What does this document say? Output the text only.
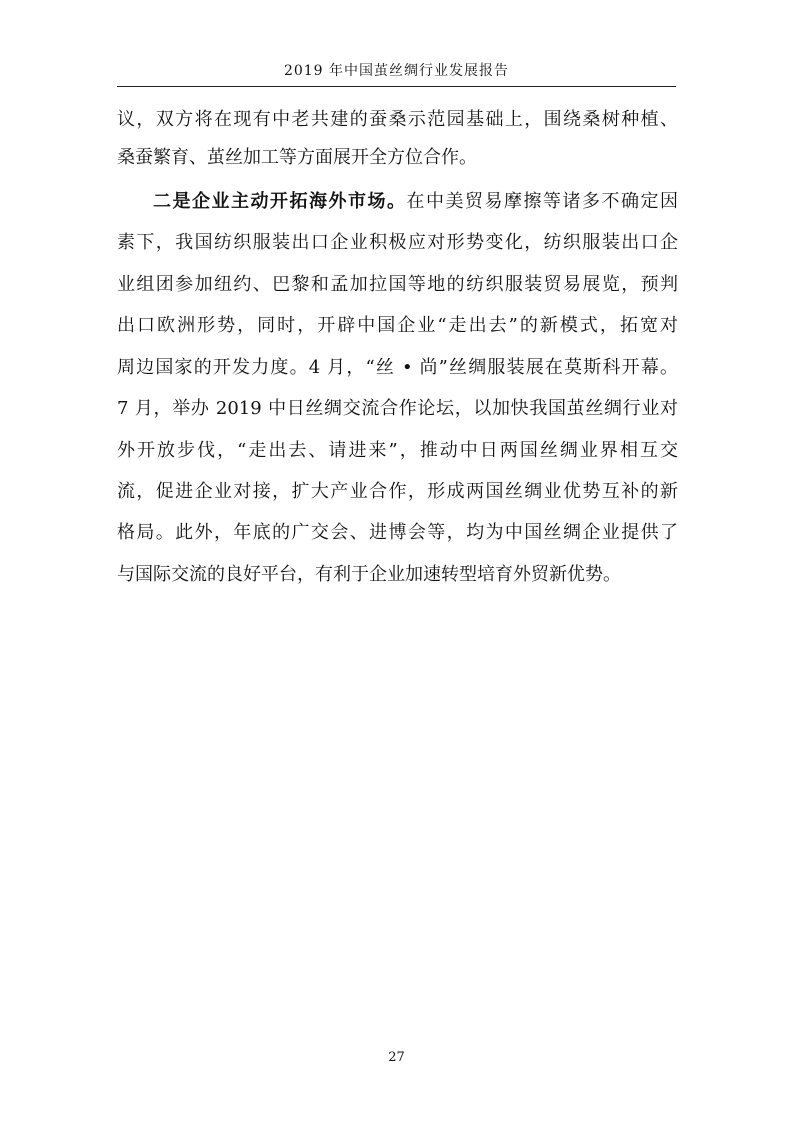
2019 年中国茧丝绸行业发展报告
议，双方将在现有中老共建的蚕桑示范园基础上，围绕桑树种植、
桑蚕繁育、茧丝加工等方面展开全方位合作。
二是企业主动开拓海外市场。在中美贸易摩擦等诸多不确定因
素下，我国纺织服装出口企业积极应对形势变化，纺织服装出口企
业组团参加纽约、巴黎和孟加拉国等地的纺织服装贸易展览，预判
出口欧洲形势，同时，开辟中国企业“走出去”的新模式，拓宽对
周边国家的开发力度。4 月，“丝 • 尚”丝绸服装展在莫斯科开幕。
7 月，举办 2019 中日丝绸交流合作论坛，以加快我国茧丝绸行业对
外开放步伐，“走出去、请进来”，推动中日两国丝绸业界相互交
流，促进企业对接，扩大产业合作，形成两国丝绸业优势互补的新
格局。此外，年底的广交会、进博会等，均为中国丝绸企业提供了
与国际交流的良好平台，有利于企业加速转型培育外贸新优势。
27
